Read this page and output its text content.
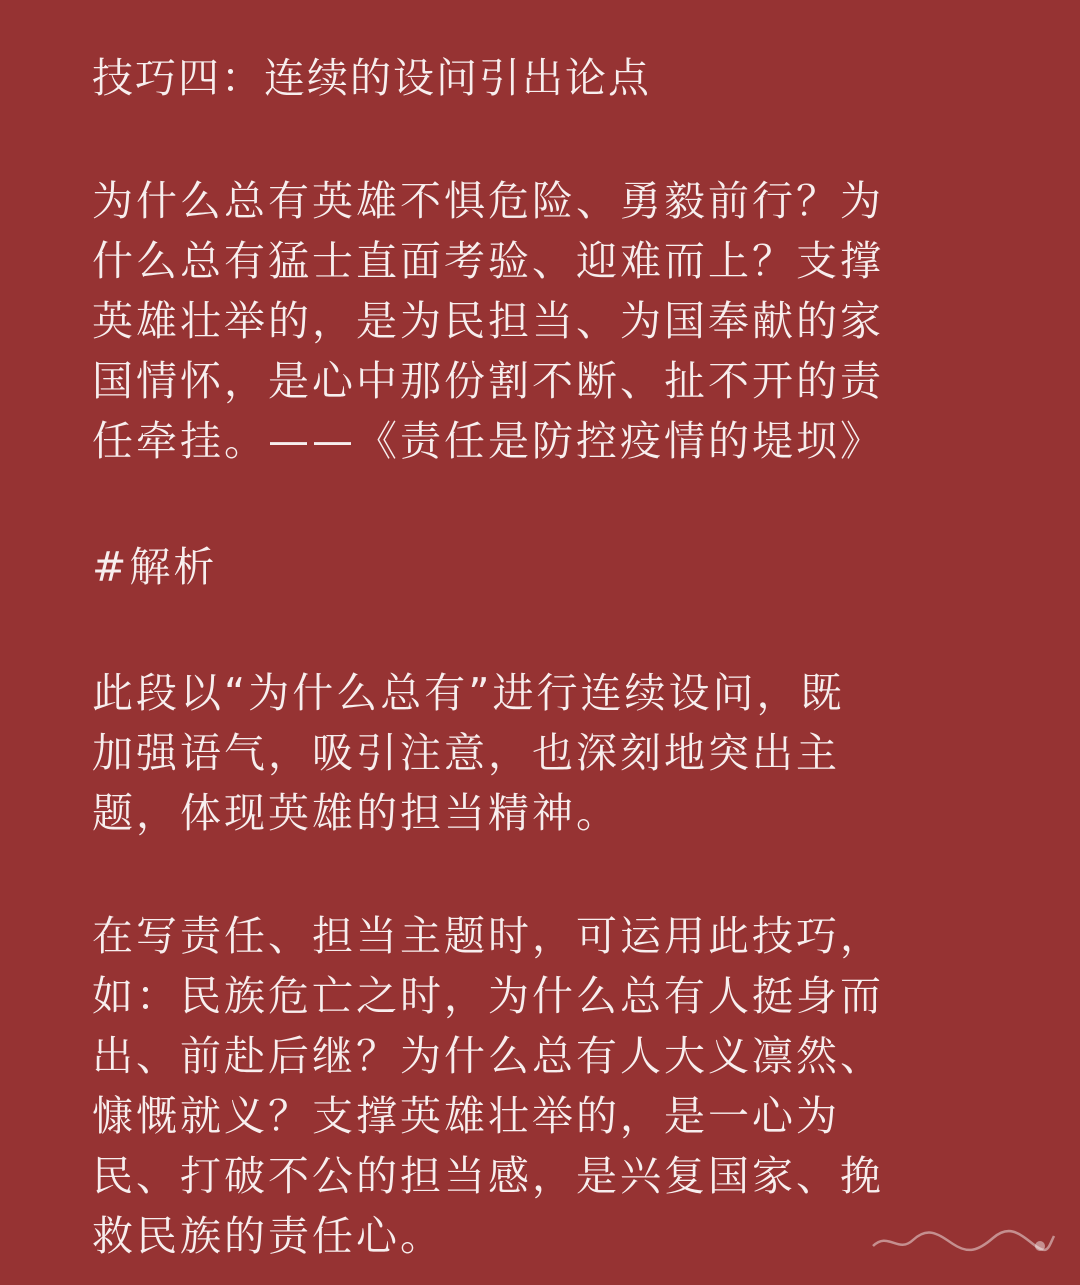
技巧四：连续的设问引出论点
为什么总有英雄不惧危险、勇毅前行？为
什么总有猛士直面考验、迎难而上？支撑
英雄壮举的，是为民担当、为国奉献的家
国情怀，是心中那份割不断、扯不开的责
任牵挂。——《责任是防控疫情的堤坝》
#解析
此段以“为什么总有”进行连续设问，既
加强语气，吸引注意，也深刻地突出主
题，体现英雄的担当精神。
在写责任、担当主题时，可运用此技巧，
如：民族危亡之时，为什么总有人挺身而
出、前赴后继？为什么总有人大义凛然、
慷慨就义？支撑英雄壮举的，是一心为
民、打破不公的担当感，是兴复国家、挽
救民族的责任心。
